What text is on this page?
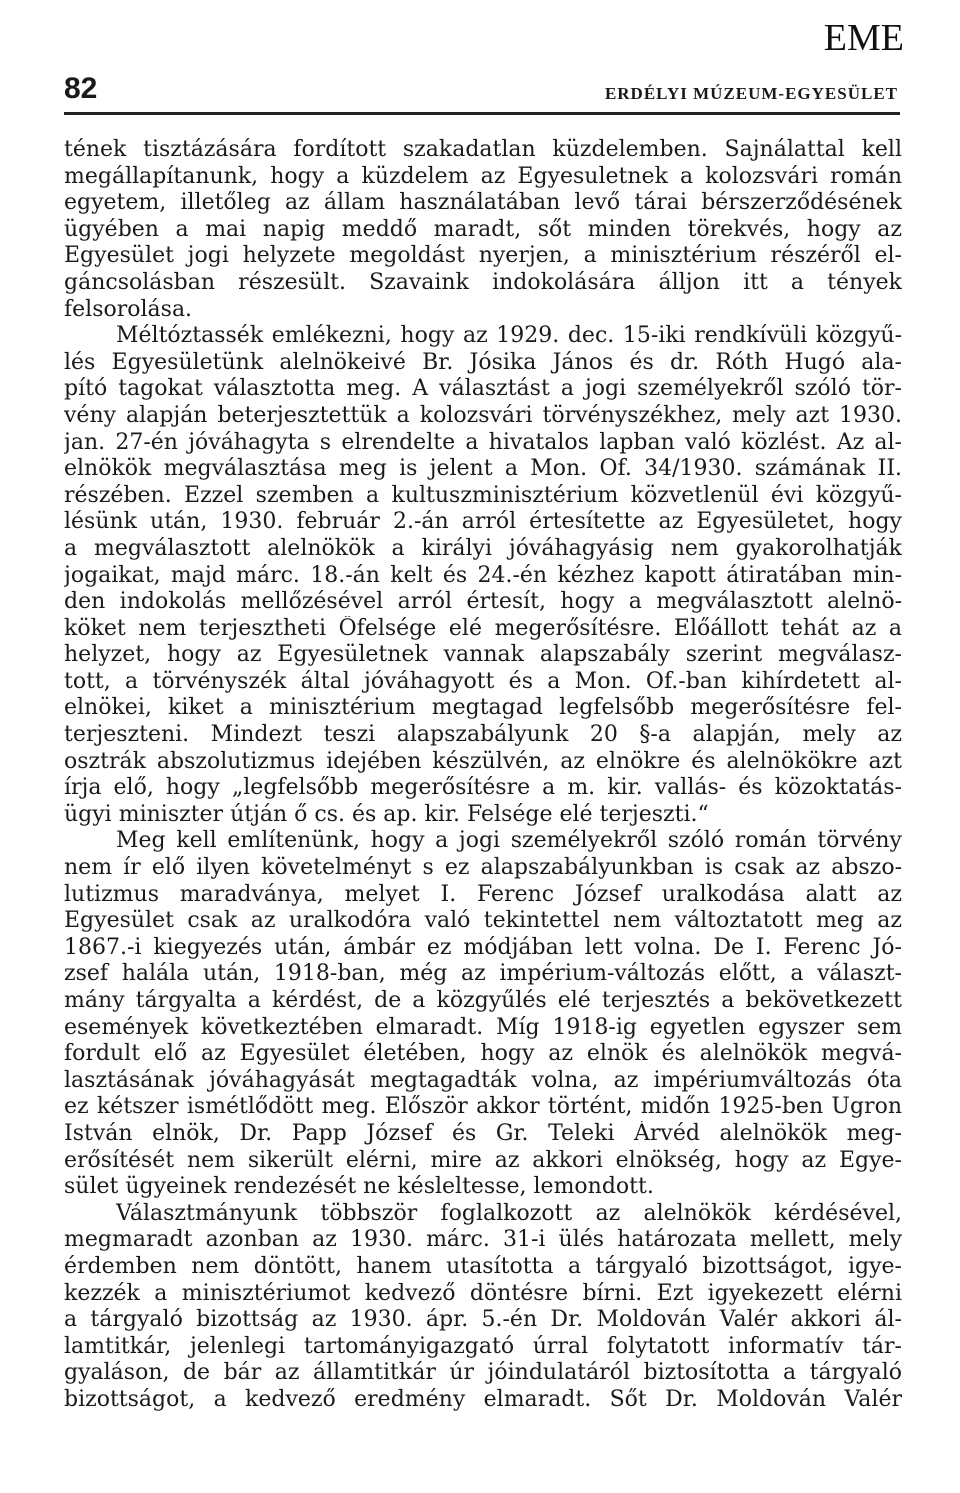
EME
82	ERDÉLYI MÚZEUM-EGYESÜLET
tének tisztázására fordított szakadatlan küzdelemben. Sajnálattal kell
megállapítanunk, hogy a küzdelem az Egyesuletnek a kolozsvári román
egyetem, illetőleg az állam használatában levő tárai bérszerződésének
ügyében a mai napig meddő maradt, sőt minden törekvés, hogy az
Egyesület jogi helyzete megoldást nyerjen, a minisztérium részéről el-
gáncsolásban részesült. Szavaink indokolására álljon itt a tények
felsorolása.
Méltóztassék emlékezni, hogy az 1929. dec. 15-iki rendkívüli közgyű-
lés Egyesületünk alelnökeivé Br. Jósika János és dr. Róth Hugó ala-
pító tagokat választotta meg. A választást a jogi személyekről szóló tör-
vény alapján beterjesztettük a kolozsvári törvényszékhez, mely azt 1930.
jan. 27-én jóváhagyta s elrendelte a hivatalos lapban való közlést. Az al-
elnökök megválasztása meg is jelent a Mon. Of. 34/1930. számának II.
részében. Ezzel szemben a kultuszminisztérium közvetlenül évi közgyű-
lésünk után, 1930. február 2.-án arról értesítette az Egyesületet, hogy
a megválasztott alelnökök a királyi jóváhagyásig nem gyakorolhatják
jogaikat, majd márc. 18.-án kelt és 24.-én kézhez kapott átiratában min-
den indokolás mellőzésével arról értesít, hogy a megválasztott alelnö-
köket nem terjesztheti Őfelsége elé megerősítésre. Előállott tehát az a
helyzet, hogy az Egyesületnek vannak alapszabály szerint megválasz-
tott, a törvényszék által jóváhagyott és a Mon. Of.-ban kihírdetett al-
elnökei, kiket a minisztérium megtagad legfelsőbb megerősítésre fel-
terjeszteni. Mindezt teszi alapszabályunk 20 §-a alapján, mely az
osztrák abszolutizmus idejében készülvén, az elnökre és alelnökökre azt
írja elő, hogy „legfelsőbb megerősítésre a m. kir. vallás- és közoktatás-
ügyi miniszter útján ő cs. és ap. kir. Felsége elé terjeszti.“
Meg kell említenünk, hogy a jogi személyekről szóló román törvény
nem ír elő ilyen követelményt s ez alapszabályunkban is csak az abszo-
lutizmus maradványa, melyet I. Ferenc József uralkodása alatt az
Egyesület csak az uralkodóra való tekintettel nem változtatott meg az
1867.-i kiegyezés után, ámbár ez módjában lett volna. De I. Ferenc Jó-
zsef halála után, 1918-ban, még az impérium-változás előtt, a választ-
mány tárgyalta a kérdést, de a közgyűlés elé terjesztés a bekövetkezett
események következtében elmaradt. Míg 1918-ig egyetlen egyszer sem
fordult elő az Egyesület életében, hogy az elnök és alelnökök megvá-
lasztásának jóváhagyását megtagadták volna, az impériumváltozás óta
ez kétszer ismétlődött meg. Először akkor történt, midőn 1925-ben Ugron
István elnök, Dr. Papp József és Gr. Teleki Árvéd alelnökök meg-
erősítését nem sikerült elérni, mire az akkori elnökség, hogy az Egye-
sület ügyeinek rendezését ne késleltesse, lemondott.
Választmányunk többször foglalkozott az alelnökök kérdésével,
megmaradt azonban az 1930. márc. 31-i ülés határozata mellett, mely
érdemben nem döntött, hanem utasította a tárgyaló bizottságot, igye-
kezzék a minisztériumot kedvező döntésre bírni. Ezt igyekezett elérni
a tárgyaló bizottság az 1930. ápr. 5.-én Dr. Moldován Valér akkori ál-
lamtitkár, jelenlegi tartományigazgató úrral folytatott informatív tár-
gyaláson, de bár az államtitkár úr jóindulatáról biztosította a tárgyaló
bizottságot, a kedvező eredmény elmaradt. Sőt Dr. Moldován Valér
